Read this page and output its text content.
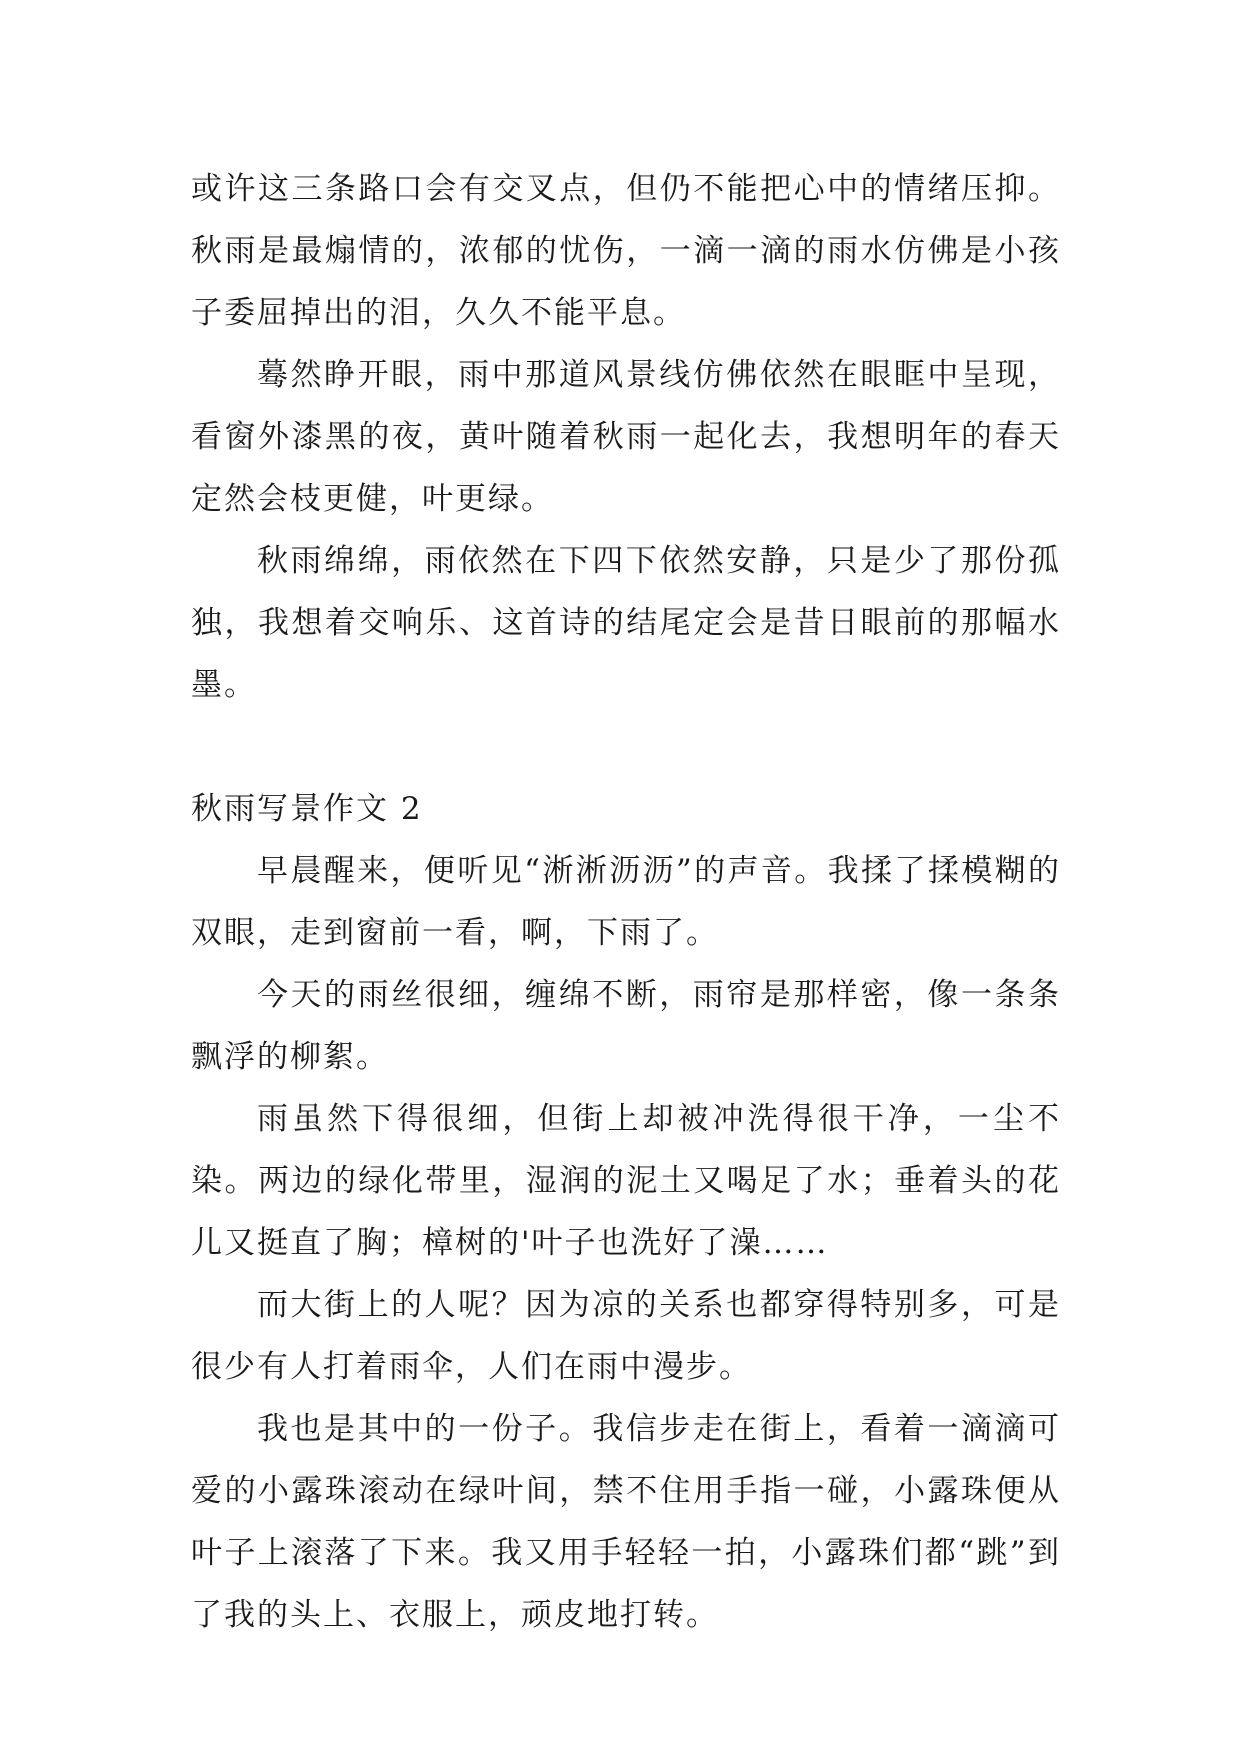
或许这三条路口会有交叉点，但仍不能把心中的情绪压抑。秋雨是最煽情的，浓郁的忧伤，一滴一滴的雨水仿佛是小孩子委屈掉出的泪，久久不能平息。

蓦然睁开眼，雨中那道风景线仿佛依然在眼眶中呈现，看窗外漆黑的夜，黄叶随着秋雨一起化去，我想明年的春天定然会枝更健，叶更绿。

秋雨绵绵，雨依然在下四下依然安静，只是少了那份孤独，我想着交响乐、这首诗的结尾定会是昔日眼前的那幅水墨。

秋雨写景作文 2

早晨醒来，便听见“淅淅沥沥”的声音。我揉了揉模糊的双眼，走到窗前一看，啊，下雨了。

今天的雨丝很细，缠绵不断，雨帘是那样密，像一条条飘浮的柳絮。

雨虽然下得很细，但街上却被冲洗得很干净，一尘不染。两边的绿化带里，湿润的泥土又喝足了水；垂着头的花儿又挺直了胸；樟树的'叶子也洗好了澡……

而大街上的人呢？因为凉的关系也都穿得特别多，可是很少有人打着雨伞，人们在雨中漫步。

我也是其中的一份子。我信步走在街上，看着一滴滴可爱的小露珠滚动在绿叶间，禁不住用手指一碰，小露珠便从叶子上滚落了下来。我又用手轻轻一拍，小露珠们都“跳”到了我的头上、衣服上，顽皮地打转。
